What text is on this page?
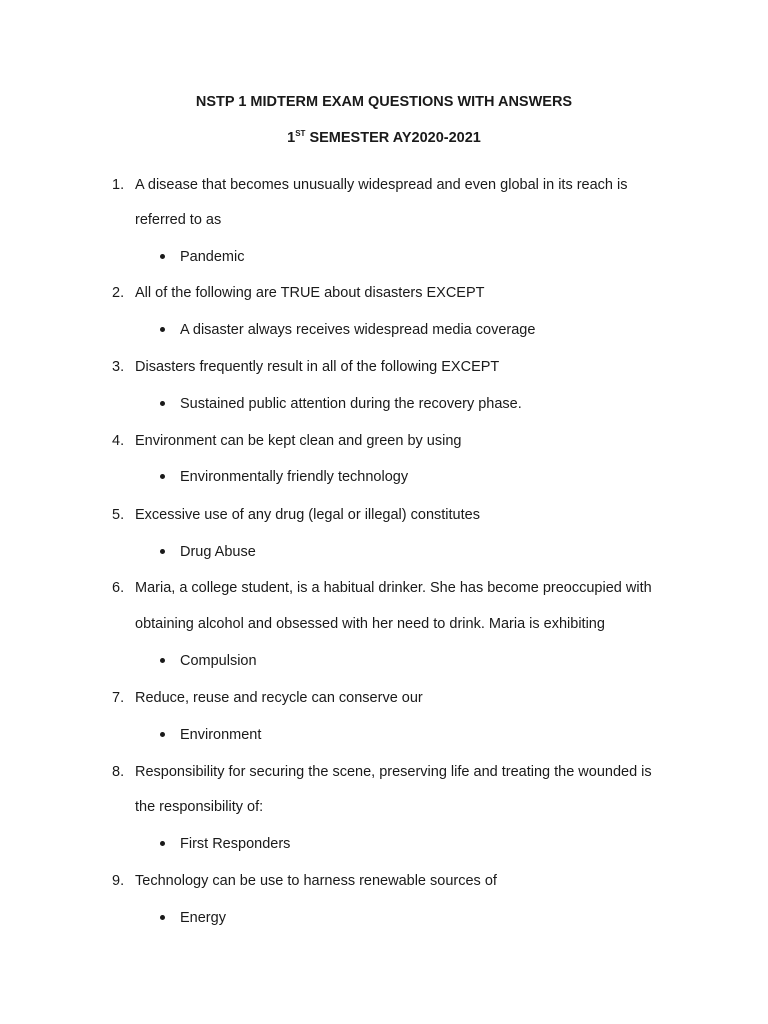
NSTP 1 MIDTERM EXAM QUESTIONS WITH ANSWERS
1ST SEMESTER AY2020-2021

1. A disease that becomes unusually widespread and even global in its reach is

referred to as

Pandemic

2. All of the following are TRUE about disasters EXCEPT

A disaster always receives widespread media coverage

3. Disasters frequently result in all of the following EXCEPT

Sustained public attention during the recovery phase.

4. Environment can be kept clean and green by using

Environmentally friendly technology

5. Excessive use of any drug (legal or illegal) constitutes

Drug Abuse

6. Maria, a college student, is a habitual drinker. She has become preoccupied with

obtaining alcohol and obsessed with her need to drink. Maria is exhibiting

Compulsion

7. Reduce, reuse and recycle can conserve our

Environment

8. Responsibility for securing the scene, preserving life and treating the wounded is

the responsibility of:

First Responders

9. Technology can be use to harness renewable sources of

Energy
